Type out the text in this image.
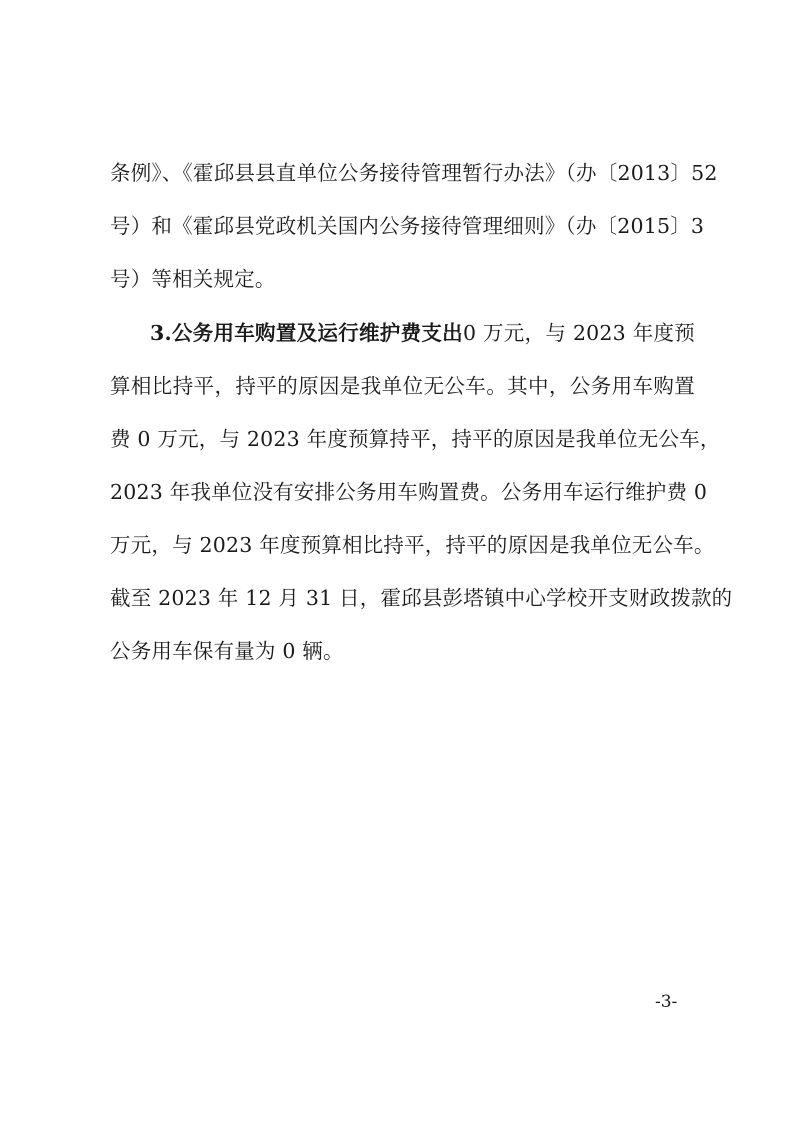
条例》、《霍邱县县直单位公务接待管理暂行办法》（办〔2013〕52
号）和《霍邱县党政机关国内公务接待管理细则》（办〔2015〕3
号）等相关规定。
3.公务用车购置及运行维护费支出0 万元，与 2023 年度预
算相比持平，持平的原因是我单位无公车。其中，公务用车购置
费 0 万元，与 2023 年度预算持平，持平的原因是我单位无公车，
2023 年我单位没有安排公务用车购置费。公务用车运行维护费 0
万元，与 2023 年度预算相比持平，持平的原因是我单位无公车。
截至 2023 年 12 月 31 日，霍邱县彭塔镇中心学校开支财政拨款的
公务用车保有量为 0 辆。
-3-
